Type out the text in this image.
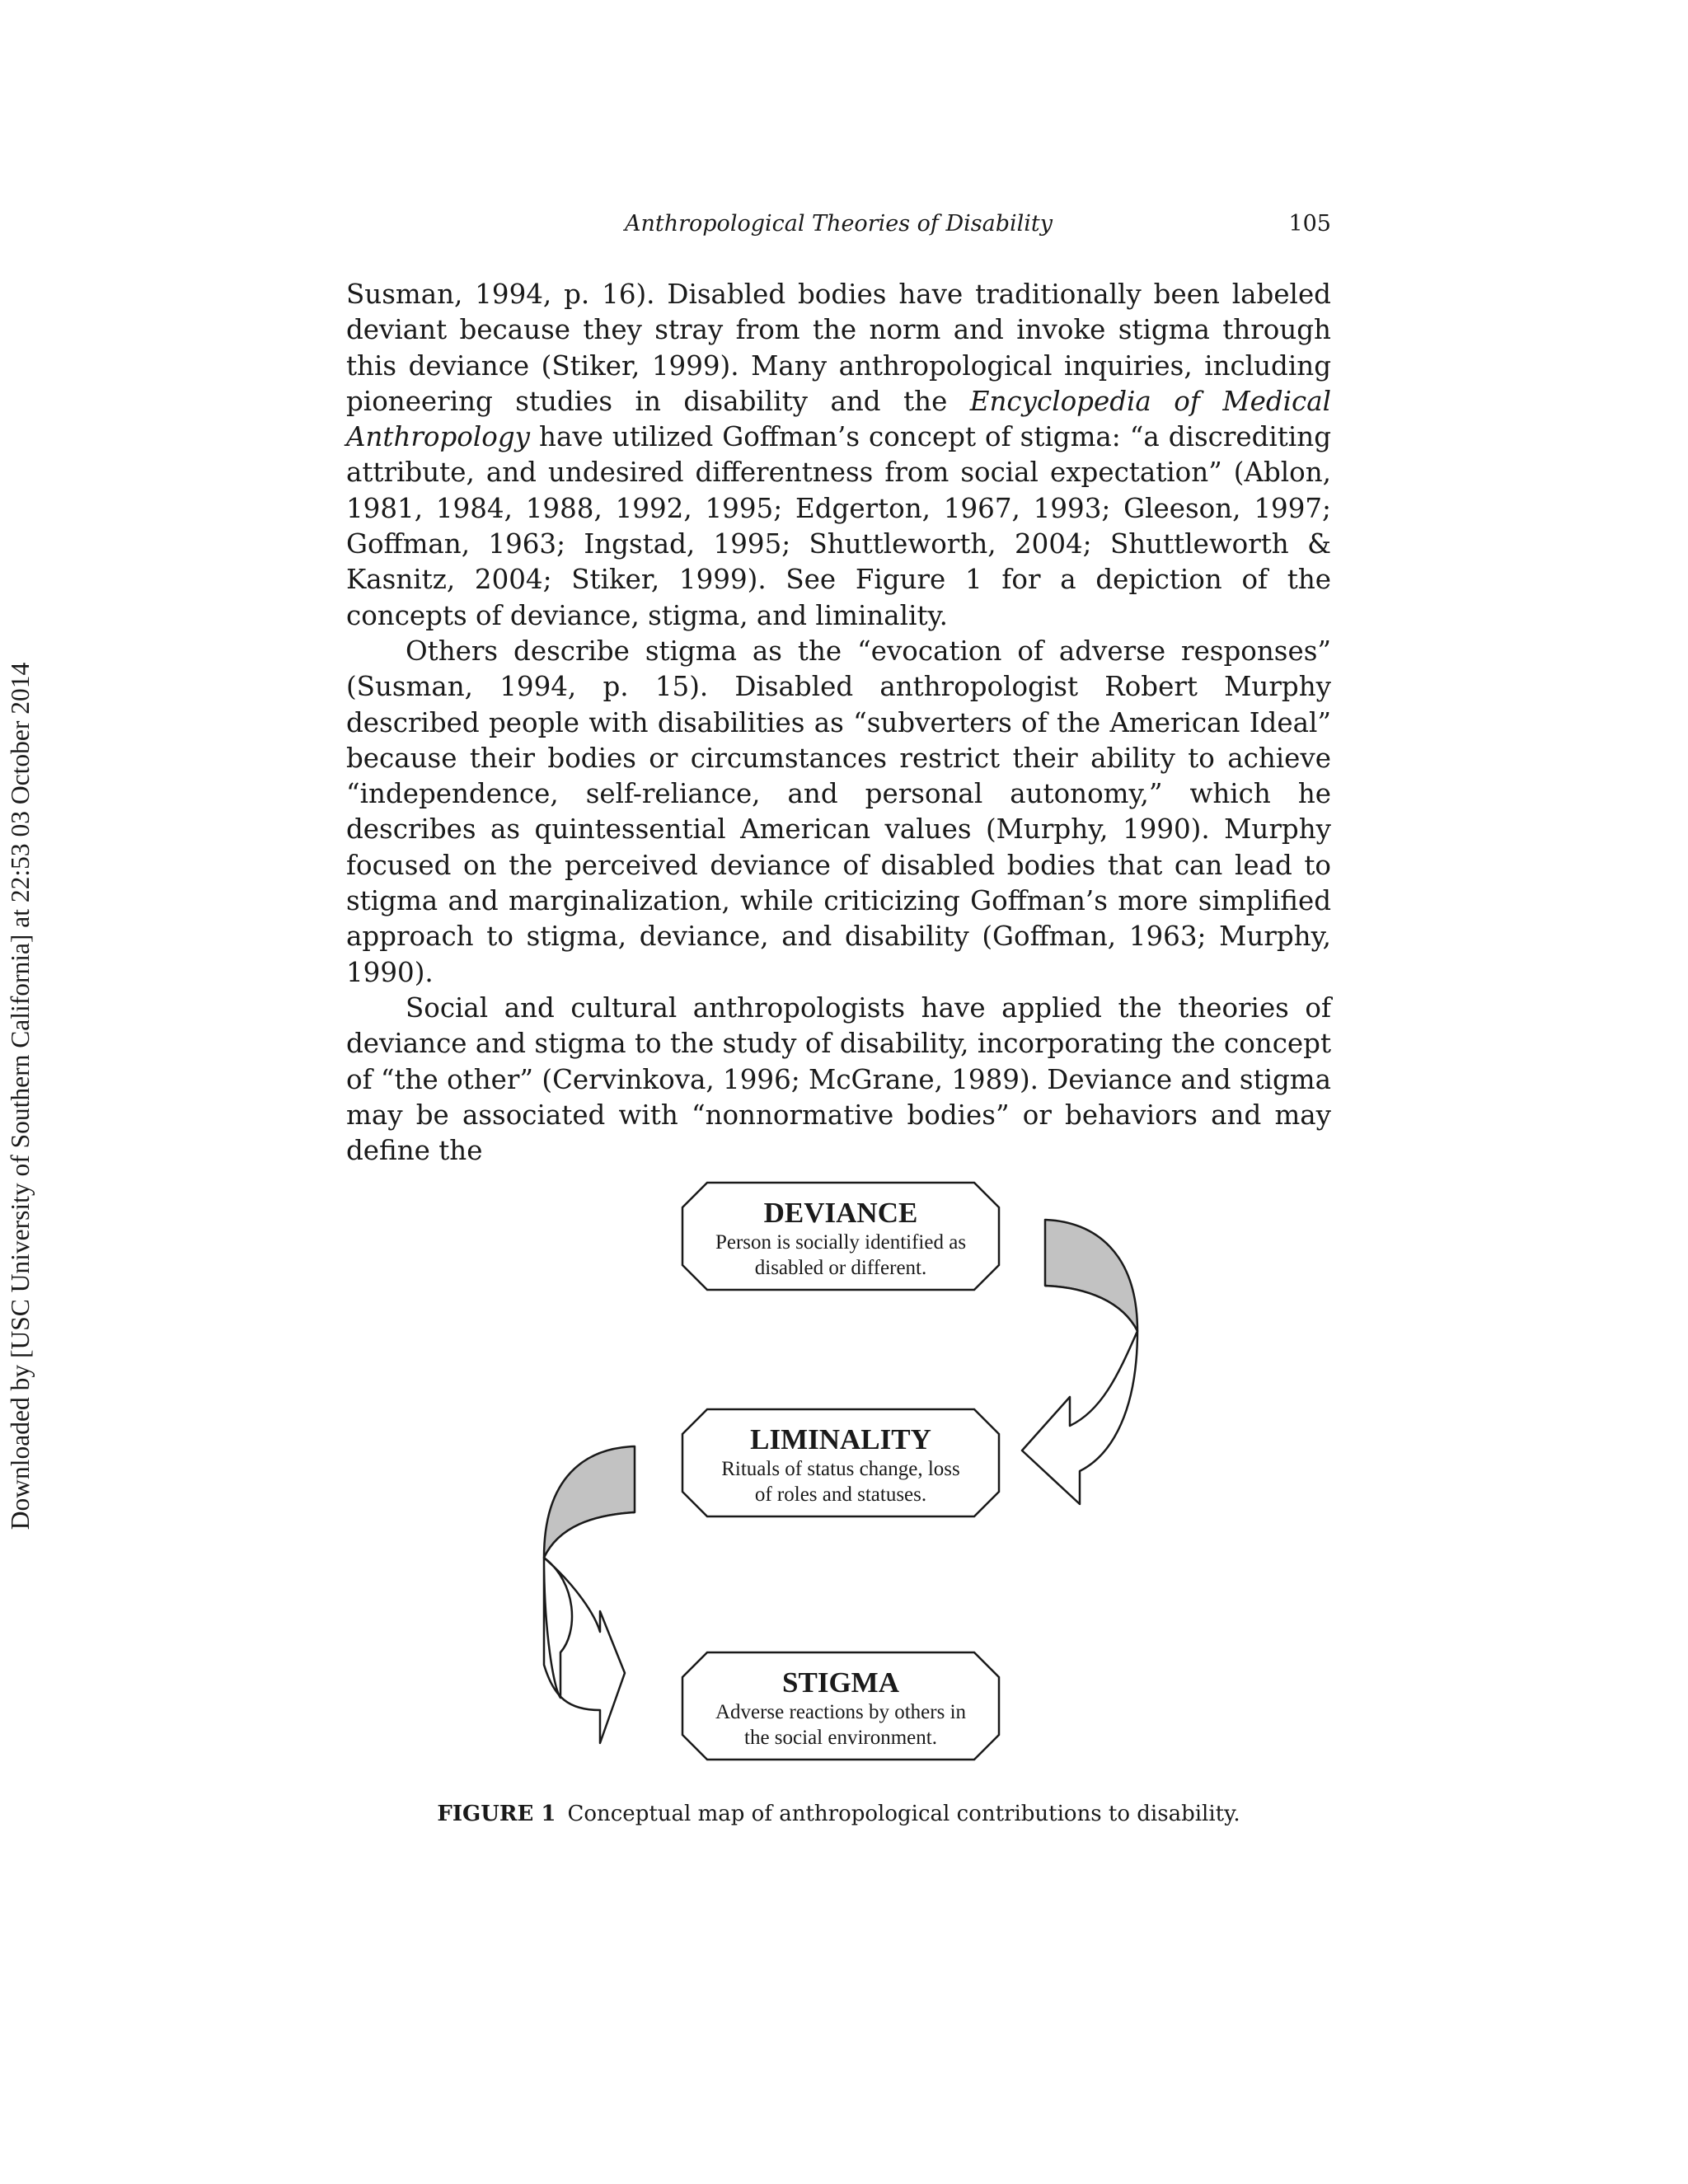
Downloaded by [USC University of Southern California] at 22:53 03 October 2014
Anthropological Theories of Disability	105

Susman, 1994, p. 16). Disabled bodies have traditionally been labeled deviant because they stray from the norm and invoke stigma through this deviance (Stiker, 1999). Many anthropological inquiries, including pioneering studies in disability and the Encyclopedia of Medical Anthropology have utilized Goffman’s concept of stigma: “a discrediting attribute, and undesired differentness from social expectation” (Ablon, 1981, 1984, 1988, 1992, 1995; Edgerton, 1967, 1993; Gleeson, 1997; Goffman, 1963; Ingstad, 1995; Shuttleworth, 2004; Shuttleworth & Kasnitz, 2004; Stiker, 1999). See Figure 1 for a depiction of the concepts of deviance, stigma, and liminality.

Others describe stigma as the “evocation of adverse responses” (Susman, 1994, p. 15). Disabled anthropologist Robert Murphy described people with disabilities as “subverters of the American Ideal” because their bodies or circumstances restrict their ability to achieve “independence, self-reliance, and personal autonomy,” which he describes as quintessential American values (Murphy, 1990). Murphy focused on the perceived deviance of disabled bodies that can lead to stigma and marginalization, while criticizing Goffman’s more simplified approach to stigma, deviance, and disability (Goffman, 1963; Murphy, 1990).

Social and cultural anthropologists have applied the theories of deviance and stigma to the study of disability, incorporating the concept of “the other” (Cervinkova, 1996; McGrane, 1989). Deviance and stigma may be associated with “nonnormative bodies” or behaviors and may define the

DEVIANCE
Person is socially identified as
disabled or different.
LIMINALITY
Rituals of status change, loss
of roles and statuses.
STIGMA
Adverse reactions by others in
the social environment.
FIGURE 1 Conceptual map of anthropological contributions to disability.
